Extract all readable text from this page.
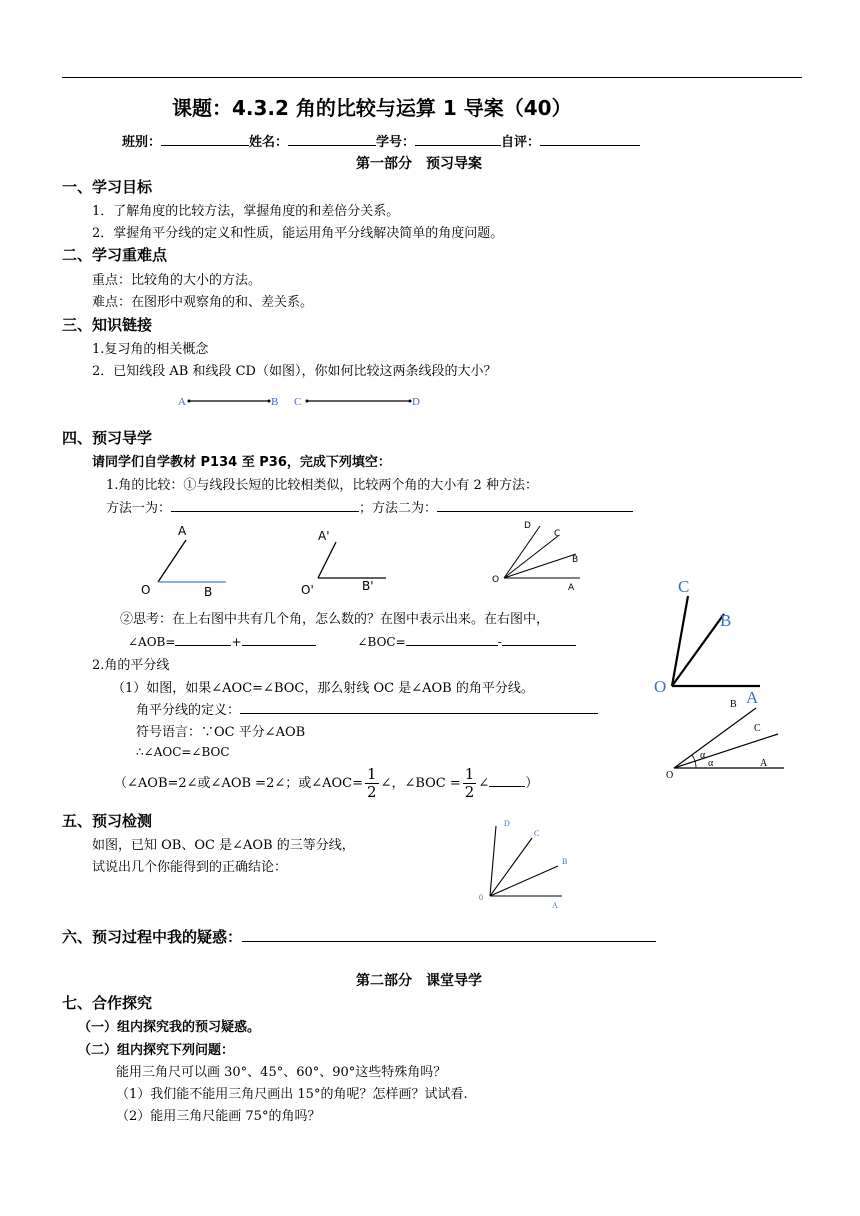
课题：4.3.2 角的比较与运算 1 导案（40）
班别：	姓名：	学号：	自评：
第一部分　预习导案
一、学习目标
1．了解角度的比较方法，掌握角度的和差倍分关系。
2．掌握角平分线的定义和性质，能运用角平分线解决简单的角度问题。
二、学习重难点
重点：比较角的大小的方法。
难点：在图形中观察角的和、差关系。
三、知识链接
1.复习角的相关概念
2．已知线段 AB 和线段 CD（如图），你如何比较这两条线段的大小？
A	B C	D
四、预习导学
请同学们自学教材 P134 至 P36，完成下列填空：
1.角的比较：①与线段长短的比较相类似，比较两个角的大小有 2 种方法：
方法一为：	；方法二为：
A
O	B
A'
O'	B'
D
C
B
O
A	C
B
O
A
②思考：在上右图中共有几个角，怎么数的？在图中表示出来。在右图中，
∠AOB=	+	∠BOC=	-
2.角的平分线
（1）如图，如果∠AOC=∠BOC，那么射线 OC 是∠AOB 的角平分线。
角平分线的定义：
符号语言：∵OC 平分∠AOB
∴∠AOC=∠BOC
（∠AOB=2∠或∠AOB =2∠；或∠AOC= $\frac{1}{2}$ ∠，∠BOC = $\frac{1}{2}$ ∠	）
B
C
α
α
O
A
五、预习检测
如图，已知 OB、OC 是∠AOB 的三等分线，
试说出几个你能得到的正确结论：
D
C
B
0
A
六、预习过程中我的疑惑：
第二部分　课堂导学
七、合作探究
（一）组内探究我的预习疑惑。
（二）组内探究下列问题：
能用三角尺可以画 30°、45°、60°、90°这些特殊角吗？
（1）我们能不能用三角尺画出 15°的角呢？怎样画？试试看.
（2）能用三角尺能画 75°的角吗？
